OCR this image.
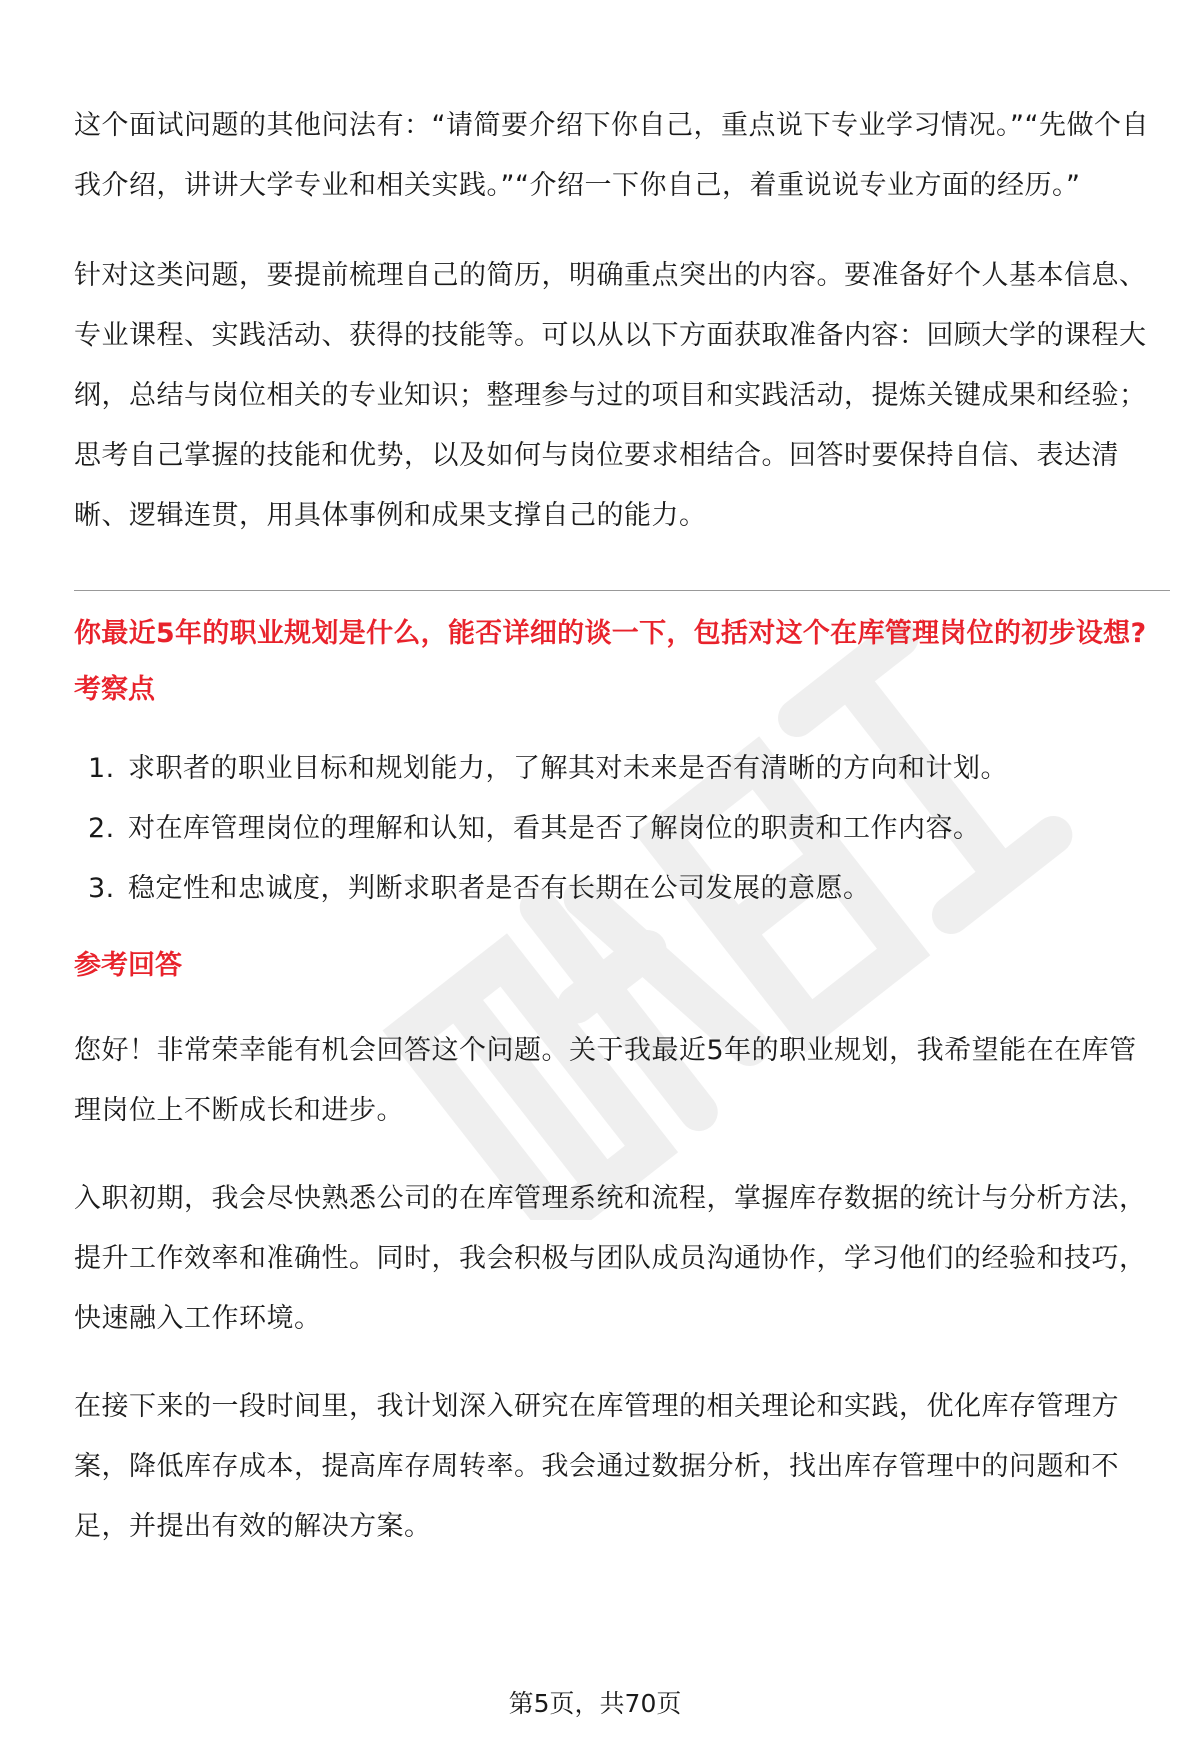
这个面试问题的其他问法有：“请简要介绍下你自己，重点说下专业学习情况。”“先做个自我介绍，讲讲大学专业和相关实践。”“介绍一下你自己，着重说说专业方面的经历。”

针对这类问题，要提前梳理自己的简历，明确重点突出的内容。要准备好个人基本信息、专业课程、实践活动、获得的技能等。可以从以下方面获取准备内容：回顾大学的课程大纲，总结与岗位相关的专业知识；整理参与过的项目和实践活动，提炼关键成果和经验；思考自己掌握的技能和优势，以及如何与岗位要求相结合。回答时要保持自信、表达清晰、逻辑连贯，用具体事例和成果支撑自己的能力。

你最近5年的职业规划是什么，能否详细的谈一下，包括对这个在库管理岗位的初步设想?

考察点

1. 求职者的职业目标和规划能力，了解其对未来是否有清晰的方向和计划。
2. 对在库管理岗位的理解和认知，看其是否了解岗位的职责和工作内容。
3. 稳定性和忠诚度，判断求职者是否有长期在公司发展的意愿。

参考回答

您好！非常荣幸能有机会回答这个问题。关于我最近5年的职业规划，我希望能在在库管理岗位上不断成长和进步。

入职初期，我会尽快熟悉公司的在库管理系统和流程，掌握库存数据的统计与分析方法，提升工作效率和准确性。同时，我会积极与团队成员沟通协作，学习他们的经验和技巧，快速融入工作环境。

在接下来的一段时间里，我计划深入研究在库管理的相关理论和实践，优化库存管理方案，降低库存成本，提高库存周转率。我会通过数据分析，找出库存管理中的问题和不足，并提出有效的解决方案。

第5页，共70页
